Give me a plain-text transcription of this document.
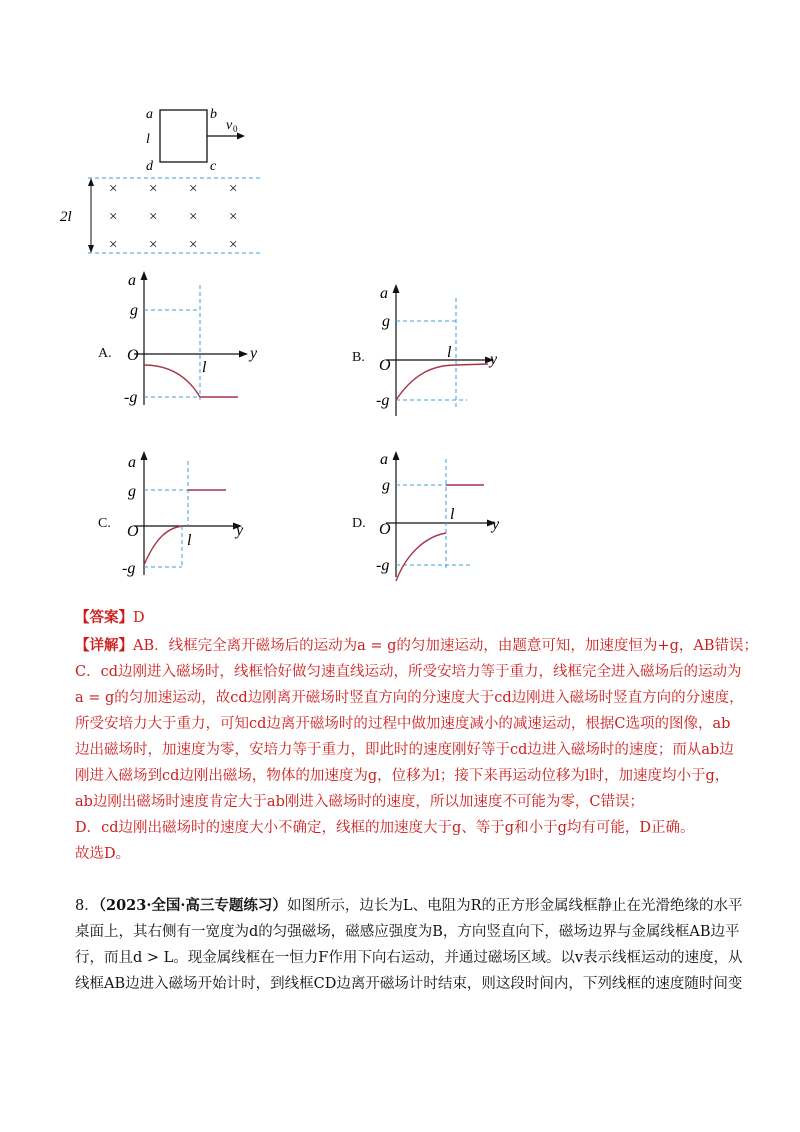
a	b
c
d
l
v 0
2l
× × × ×
× × × ×
× × × ×
A.
a
g
O
-g
y
l
B.
a
g
O
-g
y
l
C.
a
g
O
-g
y
l
D.
a
g
O
-g
y
l
【答案】D
【详解】AB．线框完全离开磁场后的运动为a = g的匀加速运动，由题意可知，加速度恒为+g，AB错误；
C．cd边刚进入磁场时，线框恰好做匀速直线运动，所受安培力等于重力，线框完全进入磁场后的运动为
a = g的匀加速运动，故cd边刚离开磁场时竖直方向的分速度大于cd边刚进入磁场时竖直方向的分速度，
所受安培力大于重力，可知cd边离开磁场时的过程中做加速度减小的减速运动，根据C选项的图像，ab
边出磁场时，加速度为零，安培力等于重力，即此时的速度刚好等于cd边进入磁场时的速度；而从ab边
刚进入磁场到cd边刚出磁场，物体的加速度为g，位移为l；接下来再运动位移为l时，加速度均小于g，
ab边刚出磁场时速度肯定大于ab刚进入磁场时的速度，所以加速度不可能为零，C错误；
D．cd边刚出磁场时的速度大小不确定，线框的加速度大于g、等于g和小于g均有可能，D正确。
故选D。
8．（2023·全国·高三专题练习）如图所示，边长为L、电阻为R的正方形金属线框静止在光滑绝缘的水平
桌面上，其右侧有一宽度为d的匀强磁场，磁感应强度为B，方向竖直向下，磁场边界与金属线框AB边平
行，而且d > L。现金属线框在一恒力F作用下向右运动，并通过磁场区域。以v表示线框运动的速度，从
线框AB边进入磁场开始计时，到线框CD边离开磁场计时结束，则这段时间内，下列线框的速度随时间变
